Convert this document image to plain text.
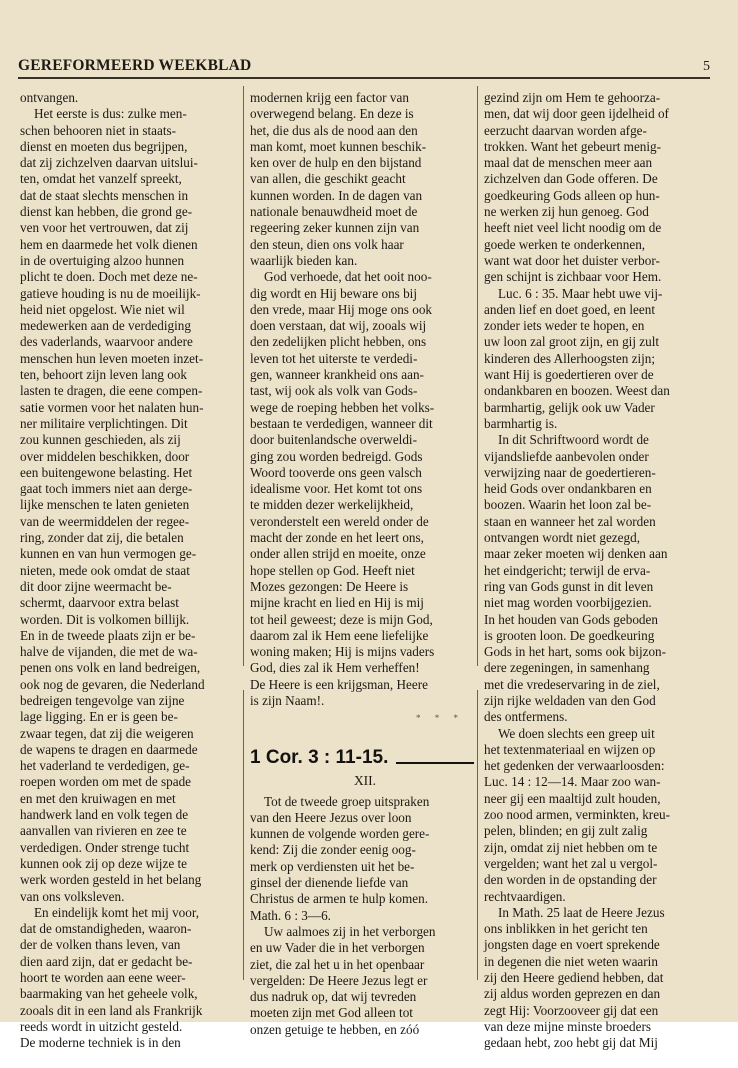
GEREFORMEERD WEEKBLAD	5

ontvangen.

Het eerste is dus: zulke men-

schen behooren niet in staats-

dienst en moeten dus begrijpen,

dat zij zichzelven daarvan uitslui-

ten, omdat het vanzelf spreekt,

dat de staat slechts menschen in

dienst kan hebben, die grond ge-

ven voor het vertrouwen, dat zij

hem en daarmede het volk dienen

in de overtuiging alzoo hunnen

plicht te doen. Doch met deze ne-

gatieve houding is nu de moeilijk-

heid niet opgelost. Wie niet wil

medewerken aan de verdediging

des vaderlands, waarvoor andere

menschen hun leven moeten inzet-

ten, behoort zijn leven lang ook

lasten te dragen, die eene compen-

satie vormen voor het nalaten hun-

ner militaire verplichtingen. Dit

zou kunnen geschieden, als zij

over middelen beschikken, door

een buitengewone belasting. Het

gaat toch immers niet aan derge-

lijke menschen te laten genieten

van de weermiddelen der regee-

ring, zonder dat zij, die betalen

kunnen en van hun vermogen ge-

nieten, mede ook omdat de staat

dit door zijne weermacht be-

schermt, daarvoor extra belast

worden. Dit is volkomen billijk.

En in de tweede plaats zijn er be-

halve de vijanden, die met de wa-

penen ons volk en land bedreigen,

ook nog de gevaren, die Nederland

bedreigen tengevolge van zijne

lage ligging. En er is geen be-

zwaar tegen, dat zij die weigeren

de wapens te dragen en daarmede

het vaderland te verdedigen, ge-

roepen worden om met de spade

en met den kruiwagen en met

handwerk land en volk tegen de

aanvallen van rivieren en zee te

verdedigen. Onder strenge tucht

kunnen ook zij op deze wijze te

werk worden gesteld in het belang

van ons volksleven.

En eindelijk komt het mij voor,

dat de omstandigheden, waaron-

der de volken thans leven, van

dien aard zijn, dat er gedacht be-

hoort te worden aan eene weer-

baarmaking van het geheele volk,

zooals dit in een land als Frankrijk

reeds wordt in uitzicht gesteld.

De moderne techniek is in den

modernen krijg een factor van

overwegend belang. En deze is

het, die dus als de nood aan den

man komt, moet kunnen beschik-

ken over de hulp en den bijstand

van allen, die geschikt geacht

kunnen worden. In de dagen van

nationale benauwdheid moet de

regeering zeker kunnen zijn van

den steun, dien ons volk haar

waarlijk bieden kan.

God verhoede, dat het ooit noo-

dig wordt en Hij beware ons bij

den vrede, maar Hij moge ons ook

doen verstaan, dat wij, zooals wij

den zedelijken plicht hebben, ons

leven tot het uiterste te verdedi-

gen, wanneer krankheid ons aan-

tast, wij ook als volk van Gods-

wege de roeping hebben het volks-

bestaan te verdedigen, wanneer dit

door buitenlandsche overweldi-

ging zou worden bedreigd. Gods

Woord tooverde ons geen valsch

idealisme voor. Het komt tot ons

te midden dezer werkelijkheid,

veronderstelt een wereld onder de

macht der zonde en het leert ons,

onder allen strijd en moeite, onze

hope stellen op God. Heeft niet

Mozes gezongen: De Heere is

mijne kracht en lied en Hij is mij

tot heil geweest; deze is mijn God,

daarom zal ik Hem eene liefelijke

woning maken; Hij is mijns vaders

God, dies zal ik Hem verheffen!

De Heere is een krijgsman, Heere

is zijn Naam!.

* * *
1 Cor. 3 : 11-15.
XII.

Tot de tweede groep uitspraken

van den Heere Jezus over loon

kunnen de volgende worden gere-

kend: Zij die zonder eenig oog-

merk op verdiensten uit het be-

ginsel der dienende liefde van

Christus de armen te hulp komen.

Math. 6 : 3—6.

Uw aalmoes zij in het verborgen

en uw Vader die in het verborgen

ziet, die zal het u in het openbaar

vergelden: De Heere Jezus legt er

dus nadruk op, dat wij tevreden

moeten zijn met God alleen tot

onzen getuige te hebben, en zóó

gezind zijn om Hem te gehoorza-

men, dat wij door geen ijdelheid of

eerzucht daarvan worden afge-

trokken. Want het gebeurt menig-

maal dat de menschen meer aan

zichzelven dan Gode offeren. De

goedkeuring Gods alleen op hun-

ne werken zij hun genoeg. God

heeft niet veel licht noodig om de

goede werken te onderkennen,

want wat door het duister verbor-

gen schijnt is zichbaar voor Hem.

Luc. 6 : 35. Maar hebt uwe vij-

anden lief en doet goed, en leent

zonder iets weder te hopen, en

uw loon zal groot zijn, en gij zult

kinderen des Allerhoogsten zijn;

want Hij is goedertieren over de

ondankbaren en boozen. Weest dan

barmhartig, gelijk ook uw Vader

barmhartig is.

In dit Schriftwoord wordt de

vijandsliefde aanbevolen onder

verwijzing naar de goedertieren-

heid Gods over ondankbaren en

boozen. Waarin het loon zal be-

staan en wanneer het zal worden

ontvangen wordt niet gezegd,

maar zeker moeten wij denken aan

het eindgericht; terwijl de erva-

ring van Gods gunst in dit leven

niet mag worden voorbijgezien.

In het houden van Gods geboden

is grooten loon. De goedkeuring

Gods in het hart, soms ook bijzon-

dere zegeningen, in samenhang

met die vredeservaring in de ziel,

zijn rijke weldaden van den God

des ontfermens.

We doen slechts een greep uit

het textenmateriaal en wijzen op

het gedenken der verwaarloosden:

Luc. 14 : 12—14. Maar zoo wan-

neer gij een maaltijd zult houden,

zoo nood armen, verminkten, kreu-

pelen, blinden; en gij zult zalig

zijn, omdat zij niet hebben om te

vergelden; want het zal u vergol-

den worden in de opstanding der

rechtvaardigen.

In Math. 25 laat de Heere Jezus

ons inblikken in het gericht ten

jongsten dage en voert sprekende

in degenen die niet weten waarin

zij den Heere gediend hebben, dat

zij aldus worden geprezen en dan

zegt Hij: Voorzooveer gij dat een

van deze mijne minste broeders

gedaan hebt, zoo hebt gij dat Mij
